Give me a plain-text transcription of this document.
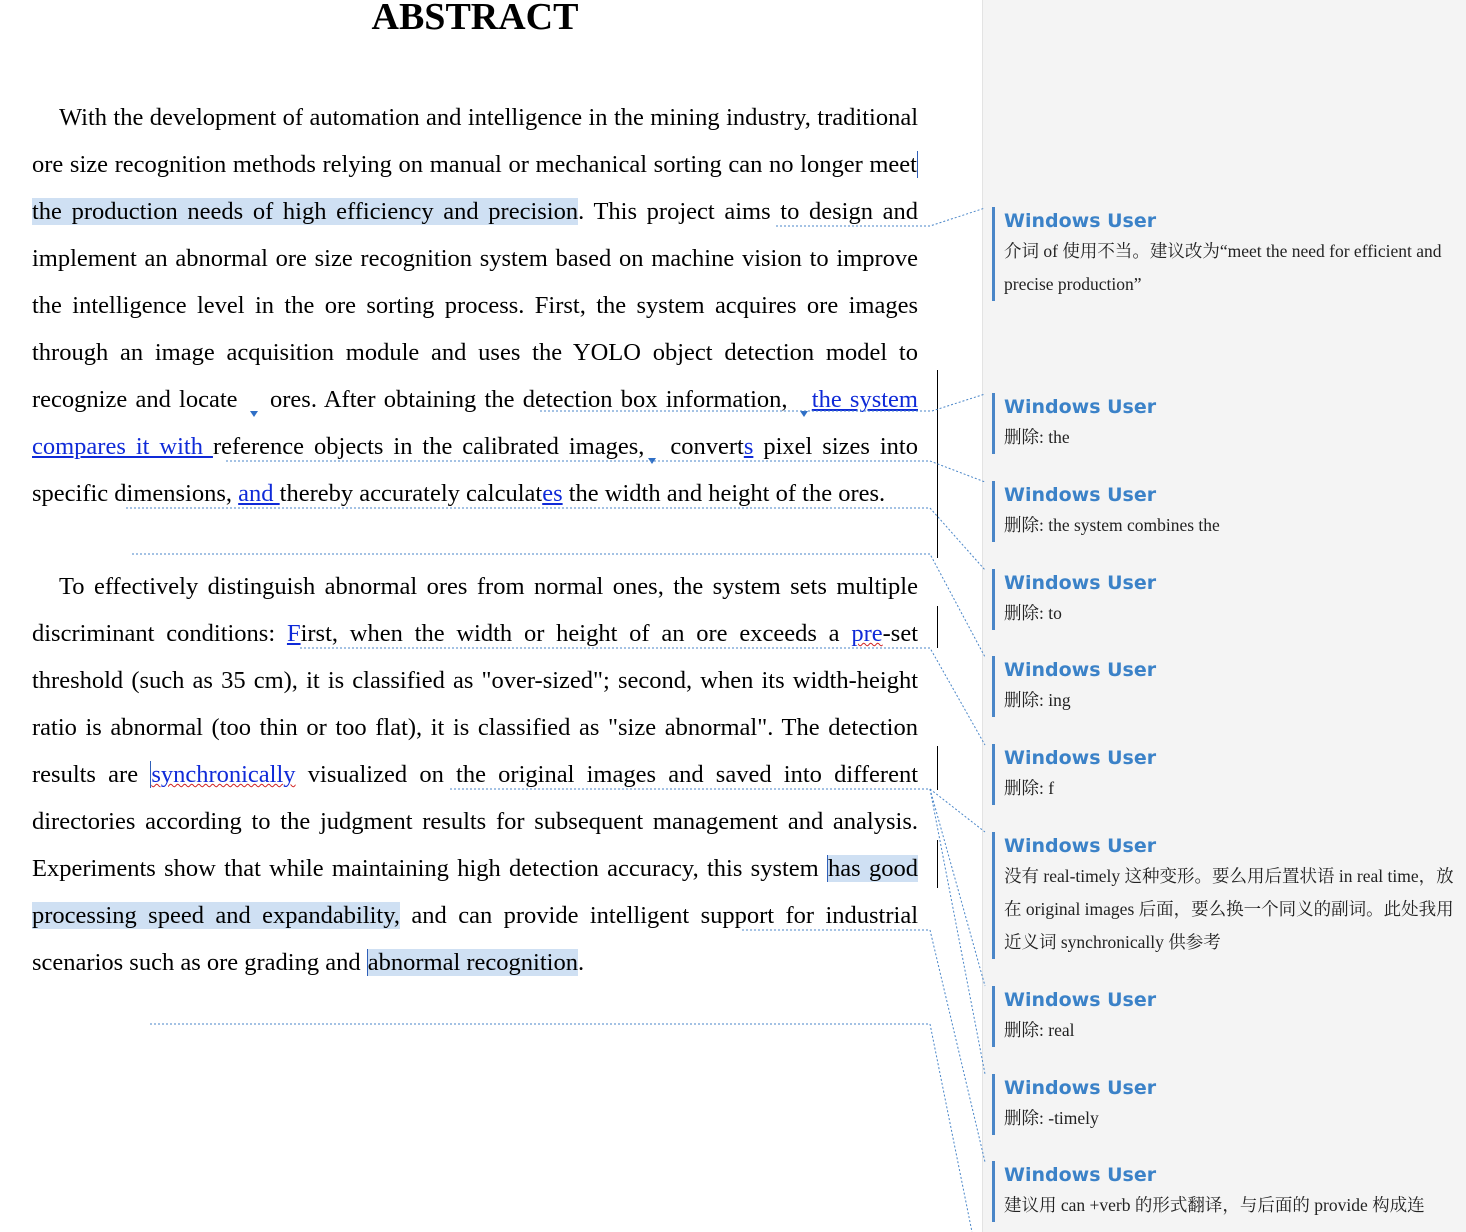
ABSTRACT
With the development of automation and intelligence in the mining industry, traditional ore size recognition methods relying on manual or mechanical sorting can no longer meet the production needs of high efficiency and precision. This project aims to design and implement an abnormal ore size recognition system based on machine vision to improve the intelligence level in the ore sorting process. First, the system acquires ore images through an image acquisition module and uses the YOLO object detection model to recognize and locate  ores. After obtaining the detection box information, the system compares it with reference objects in the calibrated images, converts pixel sizes into specific dimensions, and thereby accurately calculates the width and height of the ores.
To effectively distinguish abnormal ores from normal ones, the system sets multiple discriminant conditions: First, when the width or height of an ore exceeds a pre-set threshold (such as 35 cm), it is classified as "over-sized"; second, when its width-height ratio is abnormal (too thin or too flat), it is classified as "size abnormal". The detection results are synchronically visualized on the original images and saved into different directories according to the judgment results for subsequent management and analysis. Experiments show that while maintaining high detection accuracy, this system has good processing speed and expandability, and can provide intelligent support for industrial scenarios such as ore grading and abnormal recognition.
Windows User
介词 of 使用不当。建议改为“meet the need for efficient and precise production”
Windows User
删除: the
Windows User
删除: the system combines the
Windows User
删除: to
Windows User
删除: ing
Windows User
删除: f
Windows User
没有 real-timely 这种变形。要么用后置状语 in real time，放在 original images 后面，要么换一个同义的副词。此处我用近义词 synchronically 供参考
Windows User
删除: real
Windows User
删除: -timely
Windows User
建议用 can +verb 的形式翻译，与后面的 provide 构成连
